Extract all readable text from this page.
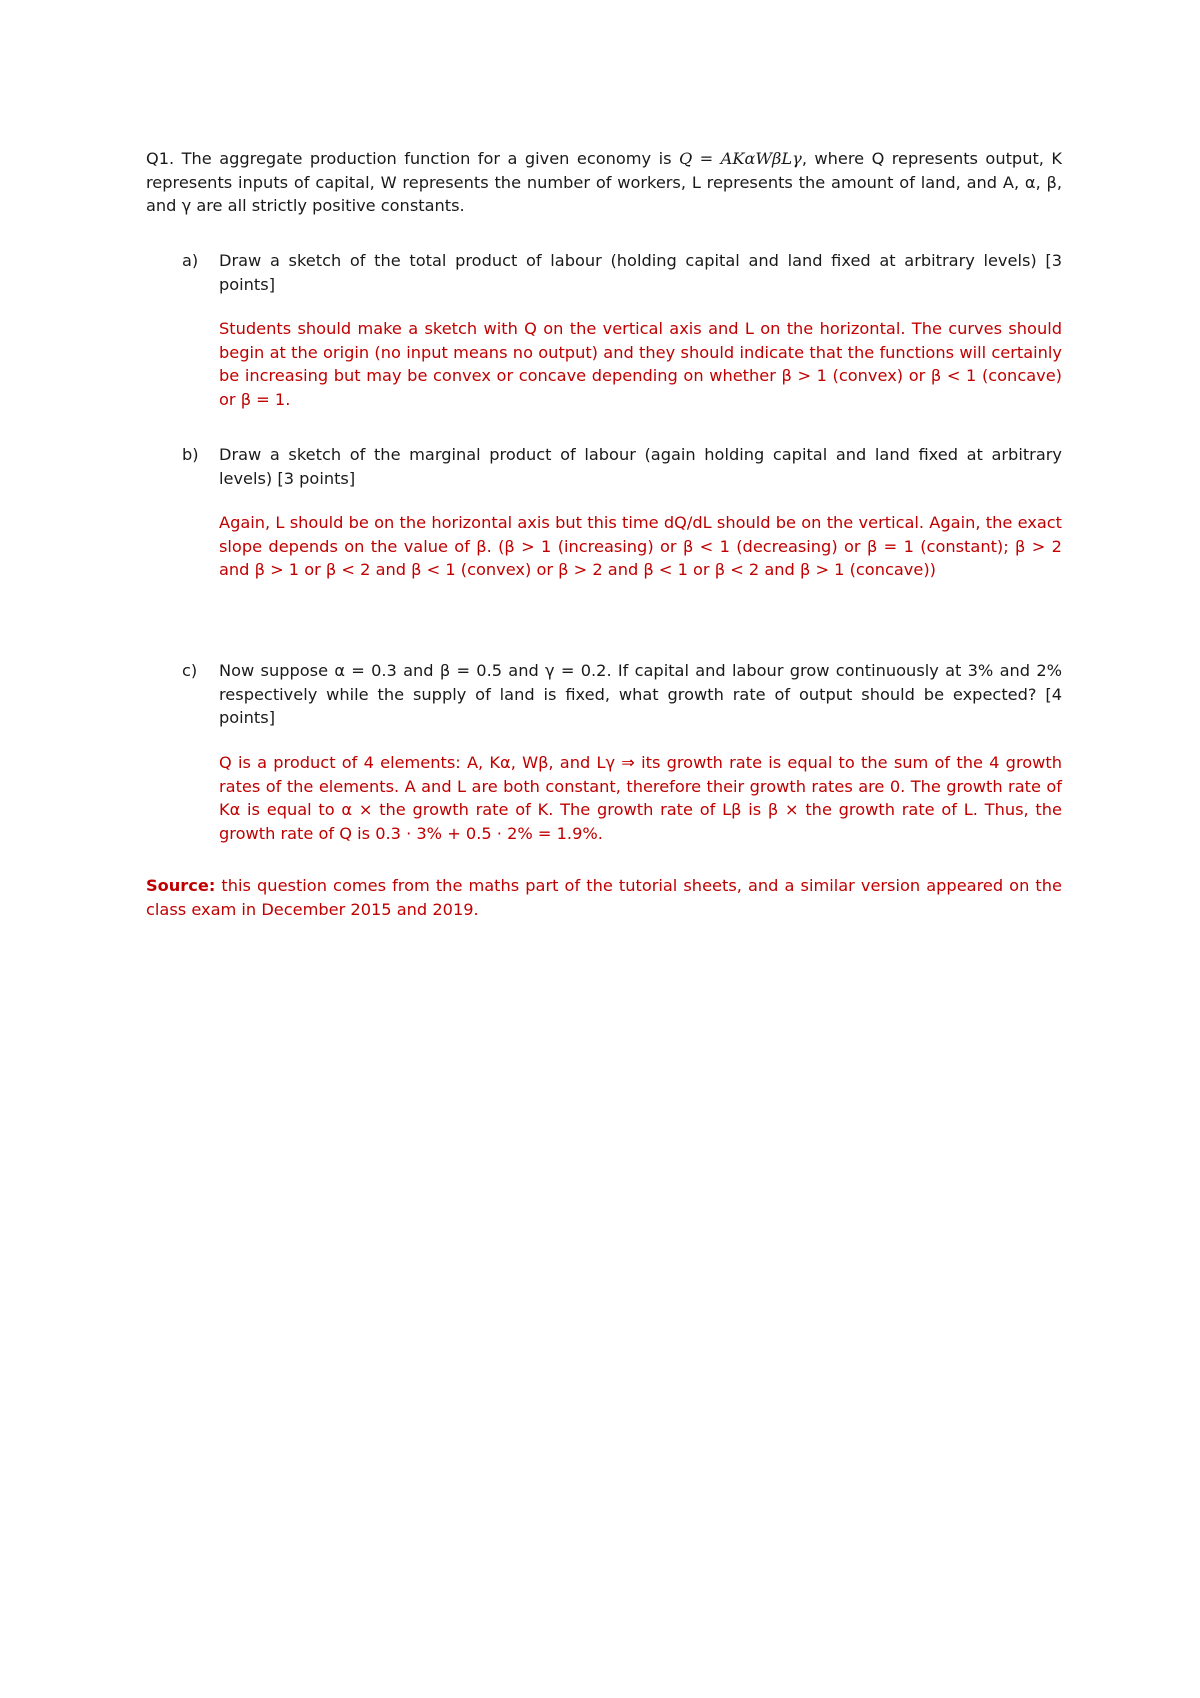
Q1. The aggregate production function for a given economy is Q = AKαWβLγ, where Q represents output, K represents inputs of capital, W represents the number of workers, L represents the amount of land, and A, α, β, and γ are all strictly positive constants.
a) Draw a sketch of the total product of labour (holding capital and land fixed at arbitrary levels) [3 points]
Students should make a sketch with Q on the vertical axis and L on the horizontal. The curves should begin at the origin (no input means no output) and they should indicate that the functions will certainly be increasing but may be convex or concave depending on whether β > 1 (convex) or β < 1 (concave) or β = 1.
b) Draw a sketch of the marginal product of labour (again holding capital and land fixed at arbitrary levels) [3 points]
Again, L should be on the horizontal axis but this time dQ/dL should be on the vertical. Again, the exact slope depends on the value of β. (β > 1 (increasing) or β < 1 (decreasing) or β = 1 (constant); β > 2 and β > 1 or β < 2 and β < 1 (convex) or β > 2 and β < 1 or β < 2 and β > 1 (concave))
c) Now suppose α = 0.3 and β = 0.5 and γ = 0.2. If capital and labour grow continuously at 3% and 2% respectively while the supply of land is fixed, what growth rate of output should be expected? [4 points]
Q is a product of 4 elements: A, Kα, Wβ, and Lγ ⇒ its growth rate is equal to the sum of the 4 growth rates of the elements. A and L are both constant, therefore their growth rates are 0. The growth rate of Kα is equal to α × the growth rate of K. The growth rate of Lβ is β × the growth rate of L. Thus, the growth rate of Q is 0.3 · 3% + 0.5 · 2% = 1.9%.
Source: this question comes from the maths part of the tutorial sheets, and a similar version appeared on the class exam in December 2015 and 2019.
